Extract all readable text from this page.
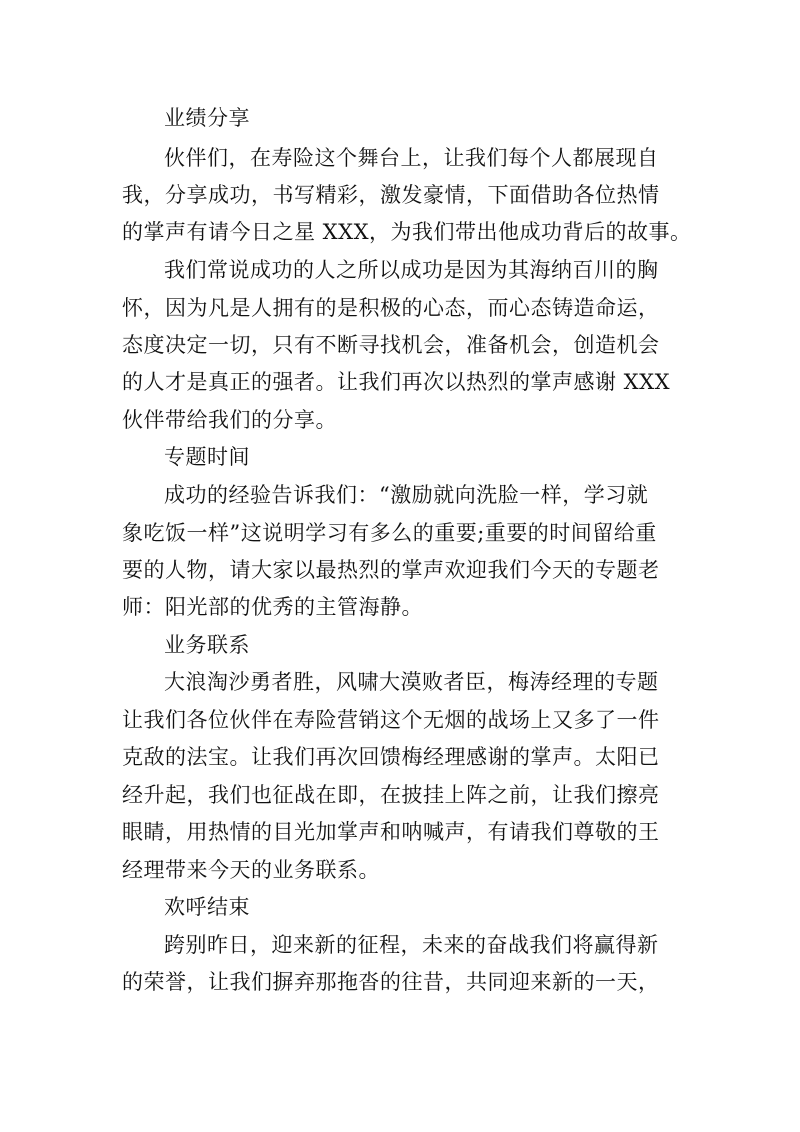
业绩分享

伙伴们，在寿险这个舞台上，让我们每个人都展现自

我，分享成功，书写精彩，激发豪情，下面借助各位热情

的掌声有请今日之星 XXX，为我们带出他成功背后的故事。

我们常说成功的人之所以成功是因为其海纳百川的胸

怀，因为凡是人拥有的是积极的心态，而心态铸造命运，

态度决定一切，只有不断寻找机会，准备机会，创造机会

的人才是真正的强者。让我们再次以热烈的掌声感谢 XXX

伙伴带给我们的分享。

专题时间

成功的经验告诉我们：“激励就向洗脸一样，学习就

象吃饭一样”这说明学习有多么的重要;重要的时间留给重

要的人物，请大家以最热烈的掌声欢迎我们今天的专题老

师：阳光部的优秀的主管海静。

业务联系

大浪淘沙勇者胜，风啸大漠败者臣，梅涛经理的专题

让我们各位伙伴在寿险营销这个无烟的战场上又多了一件

克敌的法宝。让我们再次回馈梅经理感谢的掌声。太阳已

经升起，我们也征战在即，在披挂上阵之前，让我们擦亮

眼睛，用热情的目光加掌声和呐喊声，有请我们尊敬的王

经理带来今天的业务联系。

欢呼结束

跨别昨日，迎来新的征程，未来的奋战我们将赢得新

的荣誉，让我们摒弃那拖沓的往昔，共同迎来新的一天，
